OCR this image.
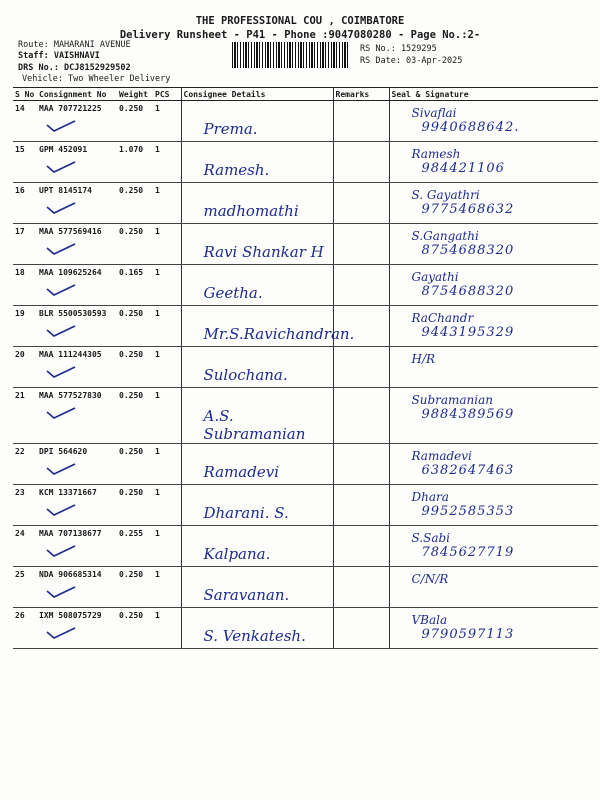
THE PROFESSIONAL COU , COIMBATORE
Delivery Runsheet - P41 - Phone :9047080280 - Page No.:2-
Route: MAHARANI AVENUE
Staff: VAISHNAVI
DRS No.: DCJ8152929502
Vehicle: Two Wheeler Delivery
RS No.: 1529295
RS Date: 03-Apr-2025
S No	Consignment No	Weight	PCS	Consignee Details	Remarks	Seal & Signature
14	MAA 707721225	0.250	1	Prema.		Sivaflai
9940688642.

15	GPM 452091	1.070	1	Ramesh.		Ramesh
984421106

16	UPT 8145174	0.250	1	madhomathi		S. Gayathri
9775468632

17	MAA 577569416	0.250	1	Ravi Shankar H		S.Gangathi
8754688320

18	MAA 109625264	0.165	1	Geetha.		Gayathi
8754688320

19	BLR 5500530593	0.250	1	Mr.S.Ravichandran.		RaChandr
9443195329

20	MAA 111244305	0.250	1	Sulochana.		H/R

21	MAA 577527830	0.250	1	A.S. Subramanian		Subramanian
9884389569

22	DPI 564620	0.250	1	Ramadevi		Ramadevi
6382647463

23	KCM 13371667	0.250	1	Dharani. S.		Dhara
9952585353

24	MAA 707138677	0.255	1	Kalpana.		S.Sabi
7845627719

25	NDA 906685314	0.250	1	Saravanan.		C/N/R

26	IXM 508075729	0.250	1	S. Venkatesh.		VBala
9790597113
